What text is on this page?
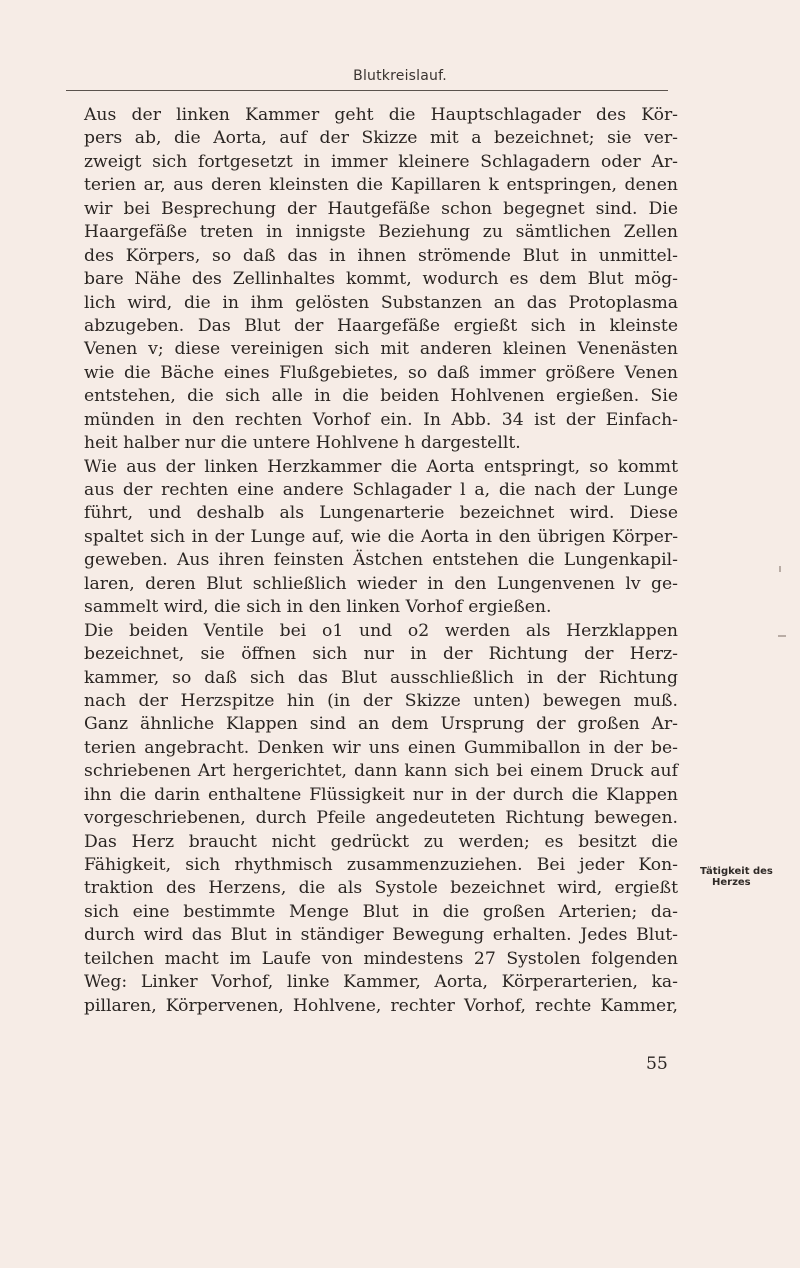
Blutkreislauf.
Aus der linken Kammer geht die Hauptschlagader des Kör-
pers ab, die Aorta, auf der Skizze mit a bezeichnet; sie ver-
zweigt sich fortgesetzt in immer kleinere Schlagadern oder Ar-
terien ar, aus deren kleinsten die Kapillaren k entspringen, denen
wir bei Besprechung der Hautgefäße schon begegnet sind. Die
Haargefäße treten in innigste Beziehung zu sämtlichen Zellen
des Körpers, so daß das in ihnen strömende Blut in unmittel-
bare Nähe des Zellinhaltes kommt, wodurch es dem Blut mög-
lich wird, die in ihm gelösten Substanzen an das Protoplasma
abzugeben. Das Blut der Haargefäße ergießt sich in kleinste
Venen v; diese vereinigen sich mit anderen kleinen Venenästen
wie die Bäche eines Flußgebietes, so daß immer größere Venen
entstehen, die sich alle in die beiden Hohlvenen ergießen. Sie
münden in den rechten Vorhof ein. In Abb. 34 ist der Einfach-
heit halber nur die untere Hohlvene h dargestellt.
Wie aus der linken Herzkammer die Aorta entspringt, so kommt
aus der rechten eine andere Schlagader l a, die nach der Lunge
führt, und deshalb als Lungenarterie bezeichnet wird. Diese
spaltet sich in der Lunge auf, wie die Aorta in den übrigen Körper-
geweben. Aus ihren feinsten Ästchen entstehen die Lungenkapil-
laren, deren Blut schließlich wieder in den Lungenvenen lv ge-
sammelt wird, die sich in den linken Vorhof ergießen.
Die beiden Ventile bei o1 und o2 werden als Herzklappen
bezeichnet, sie öffnen sich nur in der Richtung der Herz-
kammer, so daß sich das Blut ausschließlich in der Richtung
nach der Herzspitze hin (in der Skizze unten) bewegen muß.
Ganz ähnliche Klappen sind an dem Ursprung der großen Ar-
terien angebracht. Denken wir uns einen Gummiballon in der be-
schriebenen Art hergerichtet, dann kann sich bei einem Druck auf
ihn die darin enthaltene Flüssigkeit nur in der durch die Klappen
vorgeschriebenen, durch Pfeile angedeuteten Richtung bewegen.
Das Herz braucht nicht gedrückt zu werden; es besitzt die
Fähigkeit, sich rhythmisch zusammenzuziehen. Bei jeder Kon-
traktion des Herzens, die als Systole bezeichnet wird, ergießt
sich eine bestimmte Menge Blut in die großen Arterien; da-
durch wird das Blut in ständiger Bewegung erhalten. Jedes Blut-
teilchen macht im Laufe von mindestens 27 Systolen folgenden
Weg: Linker Vorhof, linke Kammer, Aorta, Körperarterien, ka-
pillaren, Körpervenen, Hohlvene, rechter Vorhof, rechte Kammer,
Tätigkeit des
Herzes
55
